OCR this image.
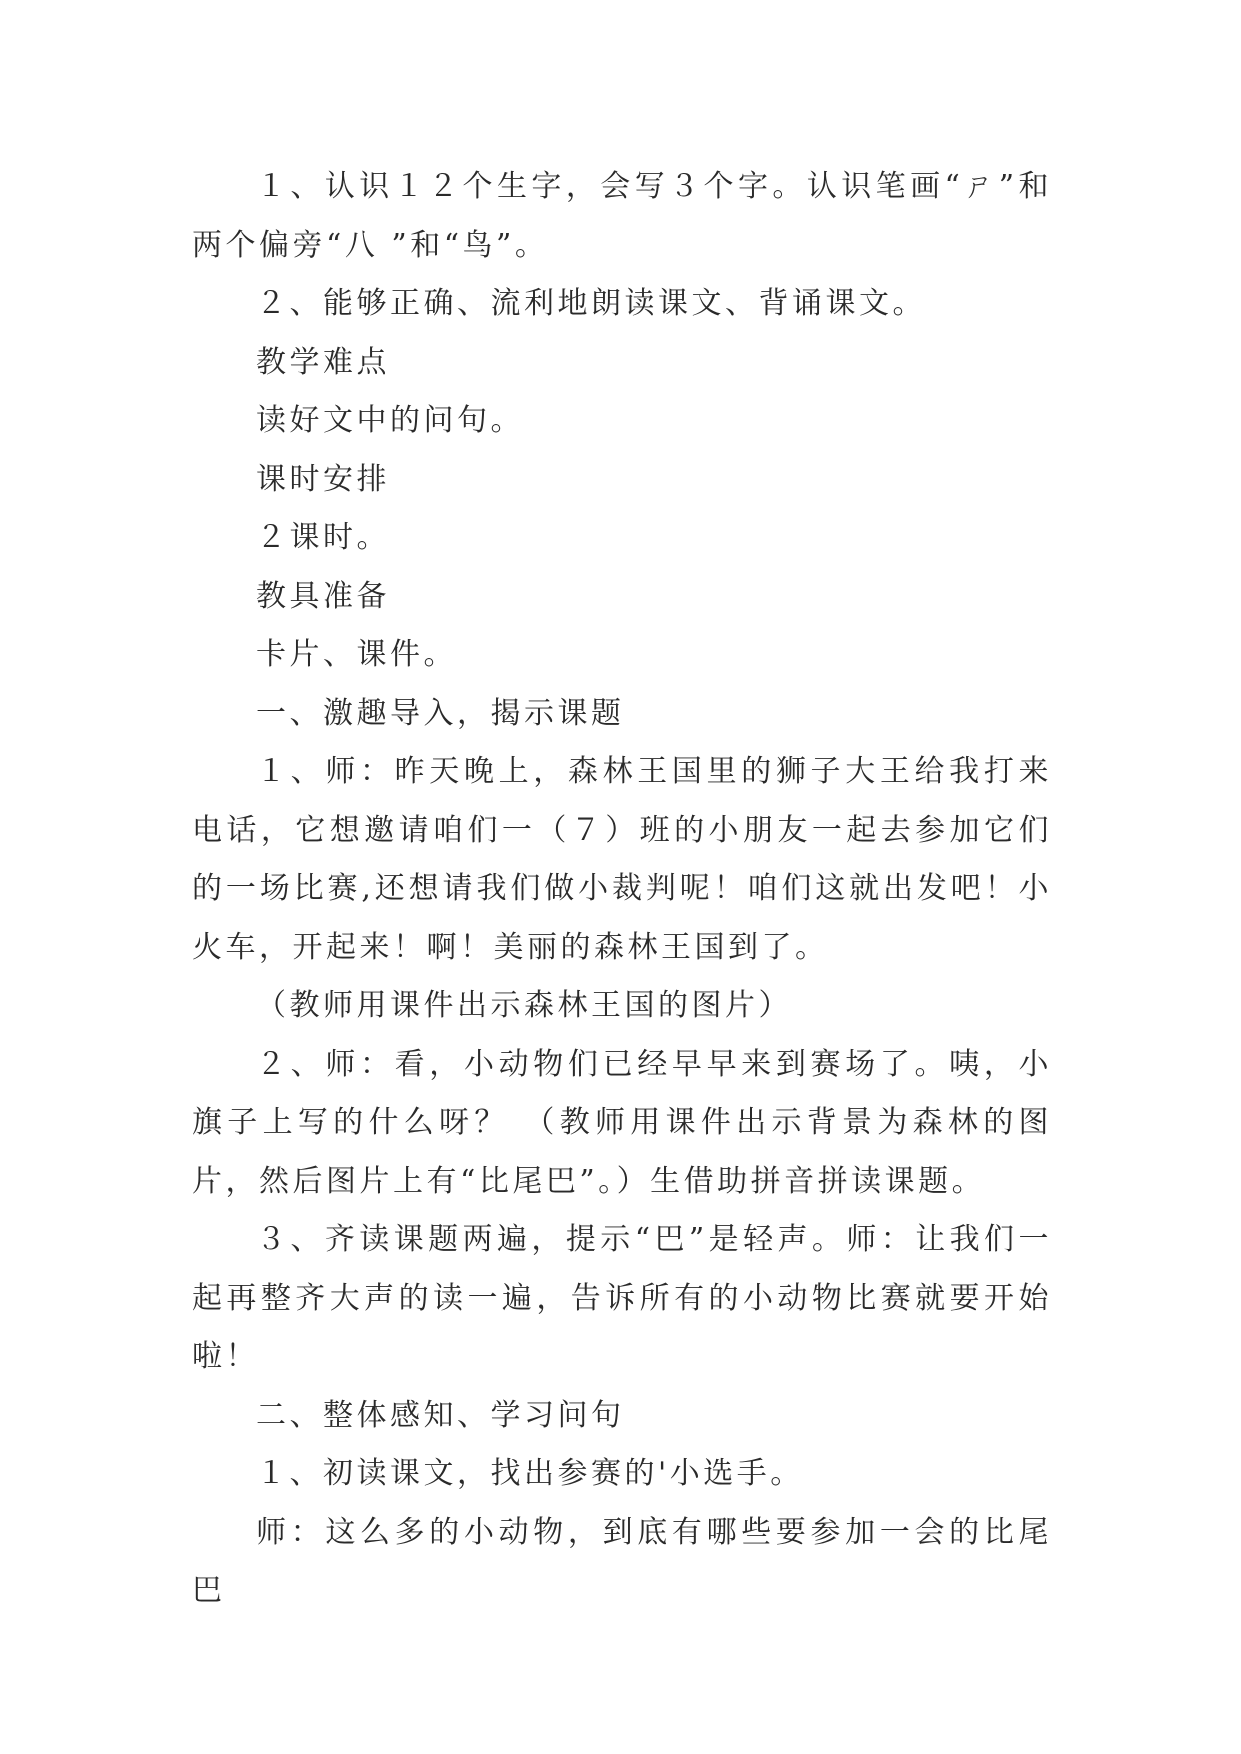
１、认识１２个生字，会写３个字。认识笔画“ㄕ”和两个偏旁“八 ”和“鸟”。

２、能够正确、流利地朗读课文、背诵课文。

教学难点

读好文中的问句。

课时安排

２课时。

教具准备

卡片、课件。

一、激趣导入，揭示课题

１、师：昨天晚上，森林王国里的狮子大王给我打来电话，它想邀请咱们一（７）班的小朋友一起去参加它们的一场比赛,还想请我们做小裁判呢！咱们这就出发吧！小火车，开起来！啊！美丽的森林王国到了。

（教师用课件出示森林王国的图片）

２、师：看，小动物们已经早早来到赛场了。咦，小旗子上写的什么呀？ （教师用课件出示背景为森林的图片，然后图片上有“比尾巴”。）生借助拼音拼读课题。

３、齐读课题两遍，提示“巴”是轻声。师：让我们一起再整齐大声的读一遍，告诉所有的小动物比赛就要开始啦！

二、整体感知、学习问句

１、初读课文，找出参赛的'小选手。

师：这么多的小动物，到底有哪些要参加一会的比尾巴
